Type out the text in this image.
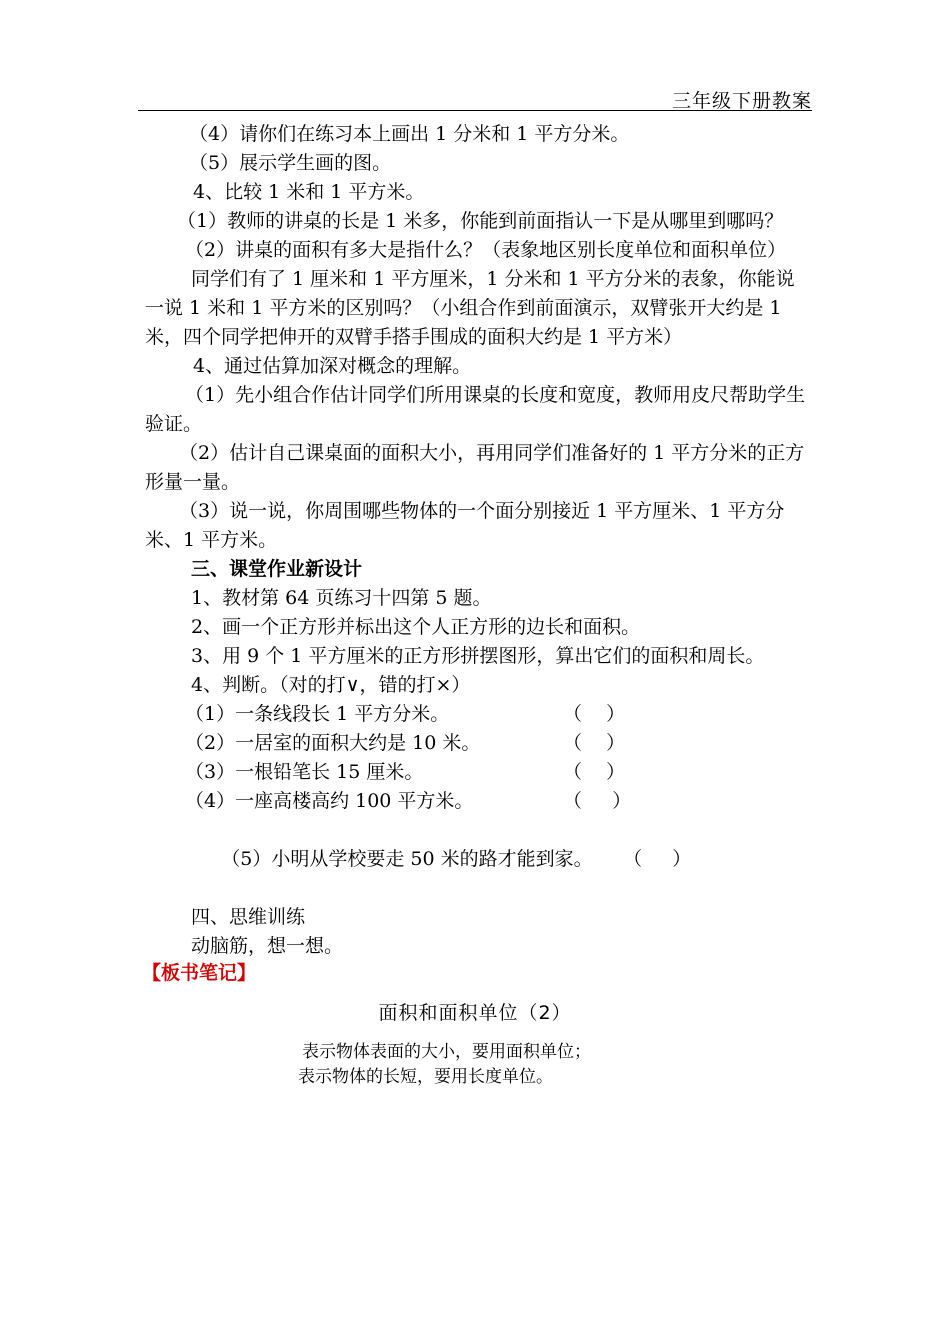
三年级下册教案
（4）请你们在练习本上画出 1 分米和 1 平方分米。
（5）展示学生画的图。
4、比较 1 米和 1 平方米。
（1）教师的讲桌的长是 1 米多，你能到前面指认一下是从哪里到哪吗？
（2）讲桌的面积有多大是指什么？（表象地区别长度单位和面积单位）
同学们有了 1 厘米和 1 平方厘米，1 分米和 1 平方分米的表象，你能说一说 1 米和 1 平方米的区别吗？（小组合作到前面演示，双臂张开大约是 1 米，四个同学把伸开的双臂手搭手围成的面积大约是 1 平方米）
4、通过估算加深对概念的理解。
（1）先小组合作估计同学们所用课桌的长度和宽度，教师用皮尺帮助学生验证。
（2）估计自己课桌面的面积大小，再用同学们准备好的 1 平方分米的正方形量一量。
（3）说一说，你周围哪些物体的一个面分别接近 1 平方厘米、1 平方分米、1 平方米。
三、课堂作业新设计
1、教材第 64 页练习十四第 5 题。
2、画一个正方形并标出这个人正方形的边长和面积。
3、用 9 个 1 平方厘米的正方形拼摆图形，算出它们的面积和周长。
4、判断。（对的打∨，错的打×）
（1）一条线段长 1 平方分米。	（    ）
（2）一居室的面积大约是 10 米。	（    ）
（3）一根铅笔长 15 厘米。	（    ）
（4）一座高楼高约 100 平方米。	（     ）

（5）小明从学校要走 50 米的路才能到家。 （     ）

四、思维训练
动脑筋，想一想。
【板书笔记】
面积和面积单位（2）
表示物体表面的大小，要用面积单位；
表示物体的长短，要用长度单位。
